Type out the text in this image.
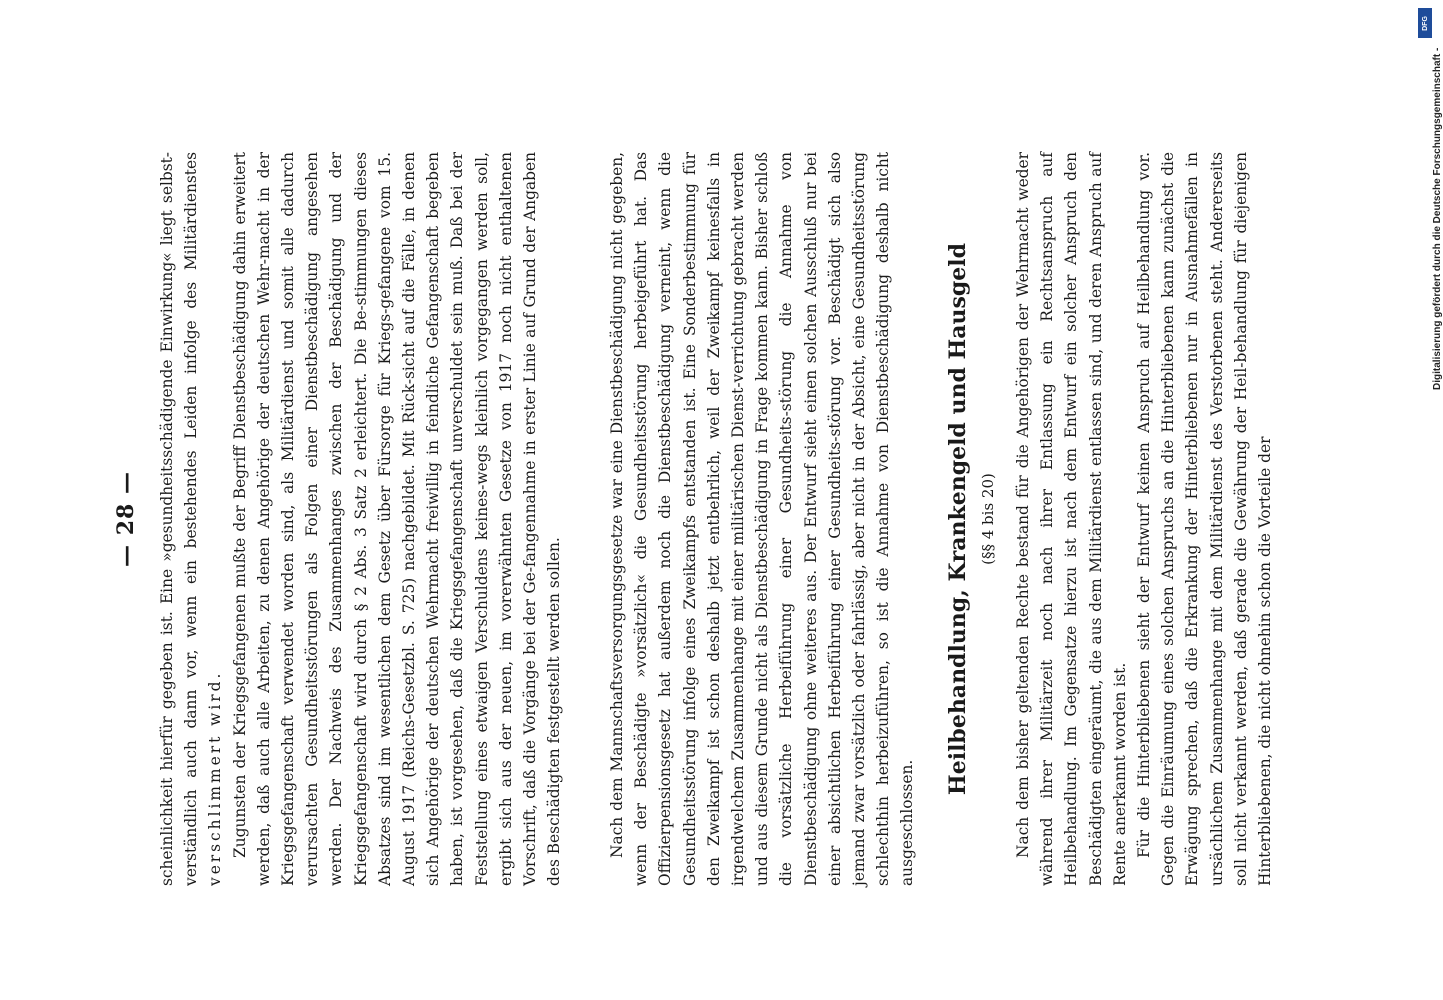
— 28 — scheinlichkeit hierfür gegeben ist. Eine »gesundheitsschädigende Einwirkung« liegt selbst-verständlich auch dann vor, wenn ein bestehendes Leiden infolge des Militärdienstes verschlimmert wird. Zugunsten der Kriegsgefangenen mußte der Begriff Dienstbeschädigung dahin erweitert werden, daß auch alle Arbeiten, zu denen Angehörige der deutschen Wehr-macht in der Kriegsgefangenschaft verwendet worden sind, als Militärdienst und somit alle dadurch verursachten Gesundheitsstörungen als Folgen einer Dienstbeschädigung angesehen werden. Der Nachweis des Zusammenhanges zwischen der Beschädigung und der Kriegsgefangenschaft wird durch § 2 Abs. 3 Satz 2 erleichtert. Die Be-stimmungen dieses Absatzes sind im wesentlichen dem Gesetz über Fürsorge für Kriegs-gefangene vom 15. August 1917 (Reichs-Gesetzbl. S. 725) nachgebildet. Mit Rück-sicht auf die Fälle, in denen sich Angehörige der deutschen Wehrmacht freiwillig in feindliche Gefangenschaft begeben haben, ist vorgesehen, daß die Kriegsgefangenschaft unverschuldet sein muß. Daß bei der Feststellung eines etwaigen Verschuldens keines-wegs kleinlich vorgegangen werden soll, ergibt sich aus der neuen, im vorerwähnten Gesetze von 1917 noch nicht enthaltenen Vorschrift, daß die Vorgänge bei der Ge-fangennahme in erster Linie auf Grund der Angaben des Beschädigten festgestellt werden sollen.	Nach dem Mannschaftsversorgungsgesetze war eine Dienstbeschädigung nicht gegeben, wenn der Beschädigte »vorsätzlich« die Gesundheitsstörung herbeigeführt hat. Das Offizierpensionsgesetz hat außerdem noch die Dienstbeschädigung verneint, wenn die Gesundheitsstörung infolge eines Zweikampfs entstanden ist. Eine Sonderbestimmung für den Zweikampf ist schon deshalb jetzt entbehrlich, weil der Zweikampf keinesfalls in irgendwelchem Zusammenhange mit einer militärischen Dienst-verrichtung gebracht werden und aus diesem Grunde nicht als Dienstbeschädigung in Frage kommen kann. Bisher schloß die vorsätzliche Herbeiführung einer Gesundheits-störung die Annahme von Dienstbeschädigung ohne weiteres aus. Der Entwurf sieht einen solchen Ausschluß nur bei einer absichtlichen Herbeiführung einer Gesundheits-störung vor. Beschädigt sich also jemand zwar vorsätzlich oder fahrlässig, aber nicht in der Absicht, eine Gesundheitsstörung schlechthin herbeizuführen, so ist die Annahme von Dienstbeschädigung deshalb nicht ausgeschlossen.

Heilbehandlung, Krankengeld und Hausgeld (§§ 4 bis 20) Nach dem bisher geltenden Rechte bestand für die Angehörigen der Wehrmacht weder während ihrer Militärzeit noch nach ihrer Entlassung ein Rechtsanspruch auf Heilbehandlung. Im Gegensatze hierzu ist nach dem Entwurf ein solcher Anspruch den Beschädigten eingeräumt, die aus dem Militärdienst entlassen sind, und deren Anspruch auf Rente anerkannt worden ist. Für die Hinterbliebenen sieht der Entwurf keinen Anspruch auf Heilbehandlung vor. Gegen die Einräumung eines solchen Anspruchs an die Hinterbliebenen kann zunächst die Erwägung sprechen, daß die Erkrankung der Hinterbliebenen nur in Ausnahmefällen in ursächlichem Zusammenhange mit dem Militärdienst des Verstorbenen steht. Andererseits soll nicht verkannt werden, daß gerade die Gewährung der Heil-behandlung für diejenigen Hinterbliebenen, die nicht ohnehin schon die Vorteile der

Digitalisierung gefördert durch die Deutsche Forschungsgemeinschaft -
DFG
